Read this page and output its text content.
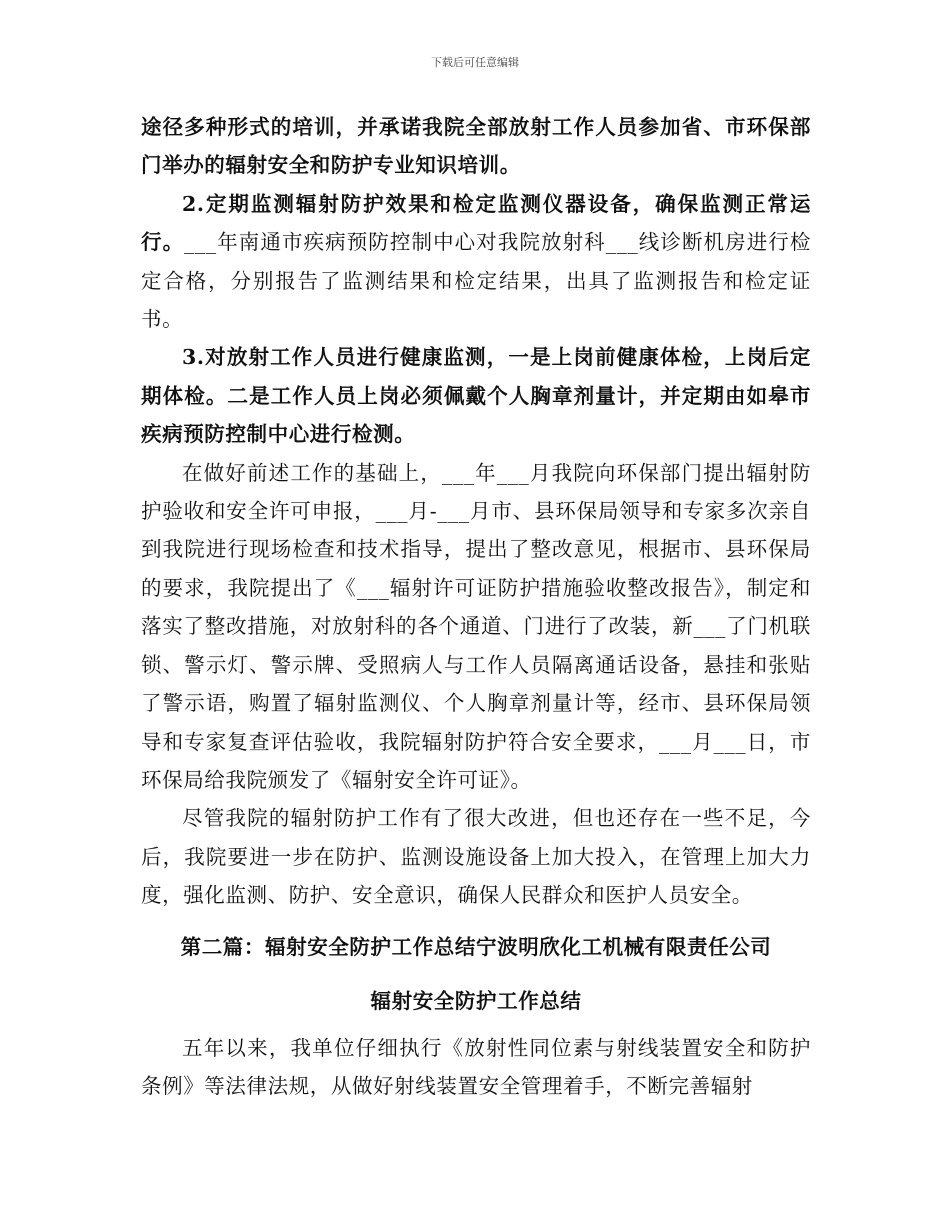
下载后可任意编辑

途径多种形式的培训，并承诺我院全部放射工作人员参加省、市环保部门举办的辐射安全和防护专业知识培训。

2.定期监测辐射防护效果和检定监测仪器设备，确保监测正常运行。___年南通市疾病预防控制中心对我院放射科___线诊断机房进行检定合格，分别报告了监测结果和检定结果，出具了监测报告和检定证书。

3.对放射工作人员进行健康监测，一是上岗前健康体检，上岗后定期体检。二是工作人员上岗必须佩戴个人胸章剂量计，并定期由如皋市疾病预防控制中心进行检测。

在做好前述工作的基础上，___年___月我院向环保部门提出辐射防护验收和安全许可申报，___月-___月市、县环保局领导和专家多次亲自到我院进行现场检查和技术指导，提出了整改意见，根据市、县环保局的要求，我院提出了《___辐射许可证防护措施验收整改报告》，制定和落实了整改措施，对放射科的各个通道、门进行了改装，新___了门机联锁、警示灯、警示牌、受照病人与工作人员隔离通话设备，悬挂和张贴了警示语，购置了辐射监测仪、个人胸章剂量计等，经市、县环保局领导和专家复查评估验收，我院辐射防护符合安全要求，___月___日，市环保局给我院颁发了《辐射安全许可证》。

尽管我院的辐射防护工作有了很大改进，但也还存在一些不足，今后，我院要进一步在防护、监测设施设备上加大投入，在管理上加大力度，强化监测、防护、安全意识，确保人民群众和医护人员安全。

第二篇：辐射安全防护工作总结宁波明欣化工机械有限责任公司
辐射安全防护工作总结

五年以来，我单位仔细执行《放射性同位素与射线装置安全和防护条例》等法律法规，从做好射线装置安全管理着手，不断完善辐射
